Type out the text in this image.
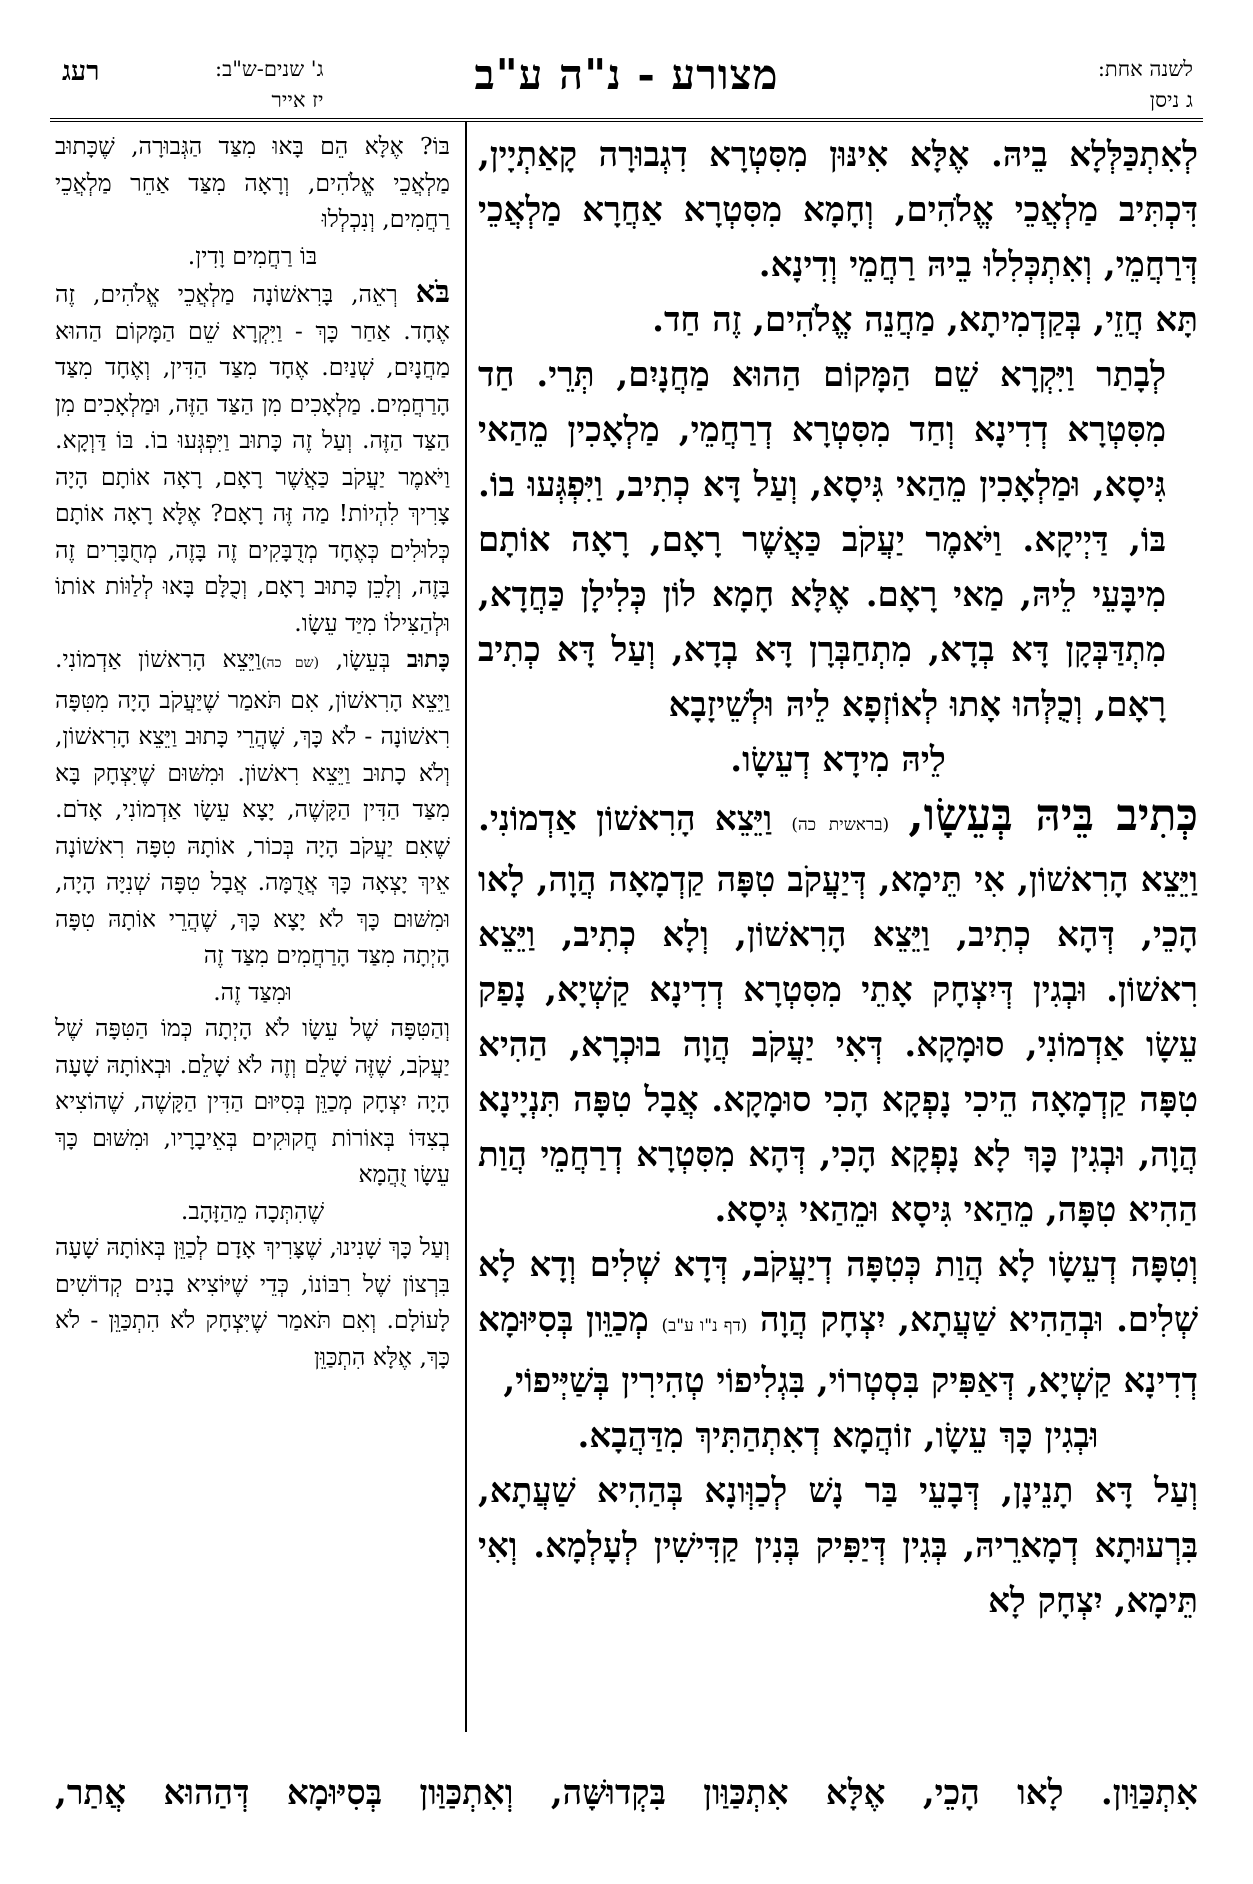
לשנה אחת:
ג ניסן
מצורע - נ"ה ע"ב
ג' שנים-ש"ב:
יז אייר
רעג

לְאִתְכַּלְּלָא בֵיהּ. אֶלָּא אִינּוּן מִסִּטְרָא דִגְבוּרָה קָאַתְיָין, דִּכְתִּיב מַלְאֲכֵי אֱלֹהִים, וְחָמָא מִסִּטְרָא אַחֲרָא מַלְאֲכֵי דְּרַחֲמֵי, וְאִתְכְּלִלוּ בֵיהּ רַחֲמֵי וְדִינָא.

תָּא חֲזֵי, בְּקַדְמִיתָא, מַחֲנֵה אֱלֹהִים, זֶה חַד.

לְבָתַר וַיִּקְרָא שֵׁם הַמָּקוֹם הַהוּא מַחֲנָיִם, תְּרֵי. חַד מִסִּטְרָא דְדִינָא וְחַד מִסִּטְרָא דְרַחֲמֵי, מַלְאָכִין מֵהַאי גִּיסָא, וּמַלְאָכִין מֵהַאי גִּיסָא, וְעַל דָּא כְתִיב, וַיִּפְגְּעוּ בוֹ. בּוֹ, דַּיְיקָא. וַיֹּאמֶר יַעֲקֹב כַּאֲשֶׁר רָאָם, רָאָה אוֹתָם מִיבָּעֵי לֵיהּ, מַאי רָאָם. אֶלָּא חָמָא לוֹן כְּלִילָן כַּחֲדָא, מִתְדַּבְּקָן דָּא בְדָא, מִתְחַבְּרָן דָּא בְדָא, וְעַל דָּא כְתִיב רָאָם, וְכֻלְּהוּ אָתוּ לְאוֹזְפָא לֵיהּ וּלְשֵׁיזָבָא

לֵיהּ מִידָא דְעֵשָׂו.

כְּתִיב בֵּיהּ בְּעֵשָׂו, (בראשית כה) וַיֵּצֵא הָרִאשׁוֹן אַדְמוֹנִי. וַיֵּצֵא הָרִאשׁוֹן, אִי תֵּימָא, דְּיַעֲקֹב טִפָּה קַדְמָאָה הֲוָה, לָאו הָכֵי, דְּהָא כְתִיב, וַיֵּצֵא הָרִאשׁוֹן, וְלָא כְתִיב, וַיֵּצֵא רִאשׁוֹן. וּבְגִין דְּיִצְחָק אָתֵי מִסִּטְרָא דְדִינָא קַשְׁיָא, נָפַק עֵשָׂו אַדְמוֹנִי, סוּמָקָא. דְּאִי יַעֲקֹב הֲוָה בוּכְרָא, הַהִיא טִפָּה קַדְמָאָה הֵיכִי נָפְקָא הָכִי סוּמָקָא. אֲבָל טִפָּה תִּנְיָינָא הֲוָה, וּבְגִין כָּךְ לָא נָפְקָא הָכִי, דְּהָא מִסִּטְרָא דְרַחֲמֵי הֲוַת הַהִיא טִפָּה, מֵהַאי גִּיסָא וּמֵהַאי גִּיסָא.

וְטִפָּה דְעֵשָׂו לָא הֲוַת כְּטִפָּה דְיַעֲקֹב, דְּדָא שְׁלִים וְדָא לָא שְׁלִים. וּבְהַהִיא שַׁעֲתָא, יִצְחָק הֲוָה (דף נ"ו ע"ב) מְכַוֵּון בְּסִיּוּמָא דְדִינָא קַשְׁיָא, דְּאַפִּיק בִּסְטְרוֹי, בִּגְלִיפוֹי טְהִירִין בְּשַׁיְּיפוֹי,

וּבְגִין כָּךְ עֵשָׂו, זוֹהֲמָא דְאִתְהַתִּיךְ מִדַּהֲבָא.

וְעַל דָּא תָנֵינָן, דְּבָעֵי בַּר נָשׁ לְכַוְּונָא בְּהַהִיא שַׁעֲתָא, בִּרְעוּתָא דְמָארֵיהּ, בְּגִין דְּיַפִּיק בְּנִין קַדִּישִׁין לְעָלְמָא. וְאִי תֵּימָא, יִצְחָק לָא

בּוֹ? אֶלָּא הֵם בָּאוּ מִצַּד הַגְּבוּרָה, שֶׁכָּתוּב מַלְאֲכֵי אֱלֹהִים, וְרָאָה מִצַּד אַחֵר מַלְאֲכֵי רַחֲמִים, וְנִכְלְלוּ

בּוֹ רַחֲמִים וָדִין.

בֹּא רְאֵה, בָּרִאשׁוֹנָה מַלְאֲכֵי אֱלֹהִים, זֶה אֶחָד. אַחַר כָּךְ - וַיִּקְרָא שֵׁם הַמָּקוֹם הַהוּא מַחֲנָיִם, שְׁנַיִם. אֶחָד מִצַּד הַדִּין, וְאֶחָד מִצַּד הָרַחֲמִים. מַלְאָכִים מִן הַצַּד הַזֶּה, וּמַלְאָכִים מִן הַצַּד הַזֶּה. וְעַל זֶה כָּתוּב וַיִּפְגְּעוּ בוֹ. בּוֹ דַּוְקָא. וַיֹּאמֶר יַעֲקֹב כַּאֲשֶׁר רָאָם, רָאָה אוֹתָם הָיָה צָרִיךְ לִהְיוֹת! מַה זֶּה רָאָם? אֶלָּא רָאָה אוֹתָם כְּלוּלִים כְּאֶחָד מְדֻבָּקִים זֶה בָּזֶה, מְחֻבָּרִים זֶה בָּזֶה, וְלָכֵן כָּתוּב רָאָם, וְכֻלָּם בָּאוּ לְלַוּוֹת אוֹתוֹ וּלְהַצִּילוֹ מִיַּד עֵשָׂו.

כָּתוּב בְּעֵשָׂו, (שם כה)וַיֵּצֵא הָרִאשׁוֹן אַדְמוֹנִי. וַיֵּצֵא הָרִאשׁוֹן, אִם תֹּאמַר שֶׁיַּעֲקֹב הָיָה מִטִּפָּה רִאשׁוֹנָה - לֹא כָּךְ, שֶׁהֲרֵי כָּתוּב וַיֵּצֵא הָרִאשׁוֹן, וְלֹא כָתוּב וַיֵּצֵא רִאשׁוֹן. וּמִשּׁוּם שֶׁיִּצְחָק בָּא מִצַּד הַדִּין הַקָּשֶׁה, יָצָא עֵשָׂו אַדְמוֹנִי, אָדֹם. שֶׁאִם יַעֲקֹב הָיָה בְּכוֹר, אוֹתָהּ טִפָּה רִאשׁוֹנָה אֵיךְ יָצְאָה כָּךְ אֲדֻמָּה. אֲבָל טִפָּה שְׁנִיָּה הָיָה, וּמִשּׁוּם כָּךְ לֹא יָצָא כָּךְ, שֶׁהֲרֵי אוֹתָהּ טִפָּה הָיְתָה מִצַּד הָרַחֲמִים מִצַּד זֶה

וּמִצַּד זֶה.

וְהַטִּפָּה שֶׁל עֵשָׂו לֹא הָיְתָה כְּמוֹ הַטִּפָּה שֶׁל יַעֲקֹב, שֶׁזֶּה שָׁלֵם וְזֶה לֹא שָׁלֵם. וּבְאוֹתָהּ שָׁעָה הָיָה יִצְחָק מְכַוֵּן בְּסִיּוּם הַדִּין הַקָּשֶׁה, שֶׁהוֹצִיא בְצִדּוֹ בְּאוֹרוֹת חֲקוּקִים בְּאֵיבָרָיו, וּמִשּׁוּם כָּךְ עֵשָׂו זֻהֲמָא

שֶׁהִתְּכָה מֵהַזָּהָב.

וְעַל כָּךְ שָׁנִינוּ, שֶׁצָּרִיךְ אָדָם לְכַוֵּן בְּאוֹתָהּ שָׁעָה בִּרְצוֹן שֶׁל רִבּוֹנוֹ, כְּדֵי שֶׁיּוֹצִיא בָנִים קְדוֹשִׁים לָעוֹלָם. וְאִם תֹּאמַר שֶׁיִּצְחָק לֹא הִתְכַּוֵּן - לֹא כָּךְ, אֶלָּא הִתְכַּוֵּן

אִתְכַּוַּון. לָאו הָכֵי, אֶלָּא אִתְכַּוַּון בִּקְדוּשָּׁה, וְאִתְכַּוַּון בְּסִיּוּמָא דְּהַהוּא אֲתַר,
